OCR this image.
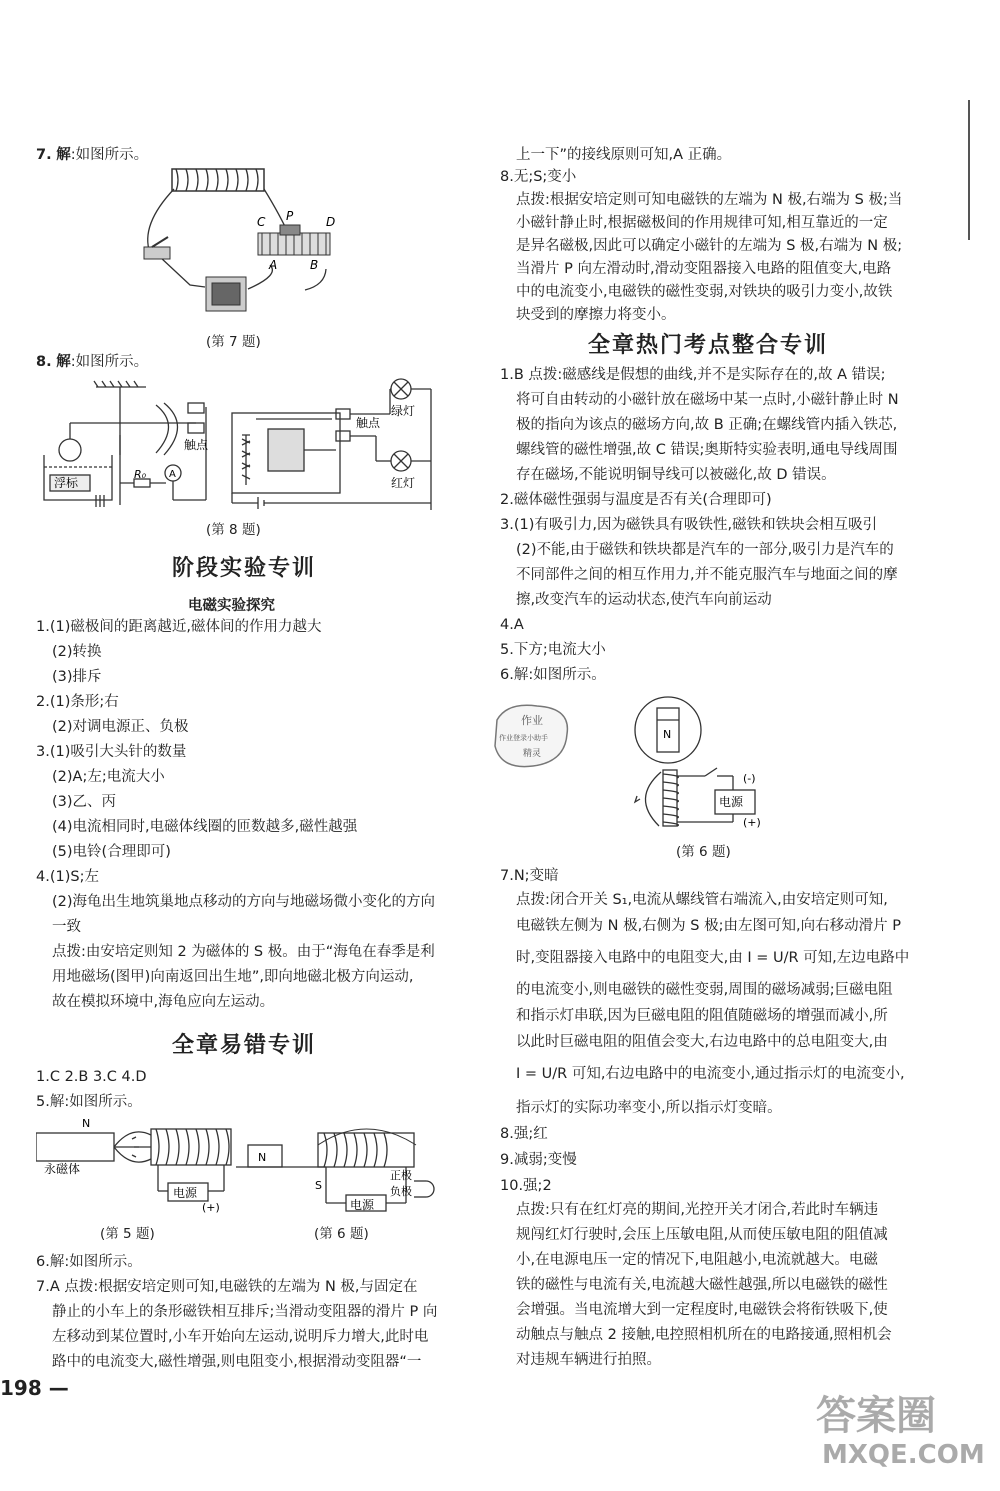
7. 解:如图所示。
C P	D
A	B
(第 7 题)
8. 解:如图所示。
浮标
R₀ A
触点
触点
绿灯
红灯
(第 8 题)
阶段实验专训
电磁实验探究
1.(1)磁极间的距离越近,磁体间的作用力越大
(2)转换
(3)排斥
2.(1)条形;右
(2)对调电源正、负极
3.(1)吸引大头针的数量
(2)A;左;电流大小
(3)乙、丙
(4)电流相同时,电磁体线圈的匝数越多,磁性越强
(5)电铃(合理即可)
4.(1)S;左
(2)海龟出生地筑巢地点移动的方向与地磁场微小变化的方向
一致
点拨:由安培定则知 2 为磁体的 S 极。由于“海龟在春季是利
用地磁场(图甲)向南返回出生地”,即向地磁北极方向运动,
故在模拟环境中,海龟应向左运动。
全章易错专训
1.C 2.B 3.C 4.D
5.解:如图所示。
N
永磁体
电源
(+)
N
S
电源
正极
负极
(第 5 题)	(第 6 题)
6.解:如图所示。
7.A 点拨:根据安培定则可知,电磁铁的左端为 N 极,与固定在
静止的小车上的条形磁铁相互排斥;当滑动变阻器的滑片 P 向
左移动到某位置时,小车开始向左运动,说明斥力增大,此时电
路中的电流变大,磁性增强,则电阻变小,根据滑动变阻器“一
198 —
上一下”的接线原则可知,A 正确。
8.无;S;变小
点拨:根据安培定则可知电磁铁的左端为 N 极,右端为 S 极;当
小磁针静止时,根据磁极间的作用规律可知,相互靠近的一定
是异名磁极,因此可以确定小磁针的左端为 S 极,右端为 N 极;
当滑片 P 向左滑动时,滑动变阻器接入电路的阻值变大,电路
中的电流变小,电磁铁的磁性变弱,对铁块的吸引力变小,故铁
块受到的摩擦力将变小。
全章热门考点整合专训
1.B 点拨:磁感线是假想的曲线,并不是实际存在的,故 A 错误;
将可自由转动的小磁针放在磁场中某一点时,小磁针静止时 N
极的指向为该点的磁场方向,故 B 正确;在螺线管内插入铁芯,
螺线管的磁性增强,故 C 错误;奥斯特实验表明,通电导线周围
存在磁场,不能说明铜导线可以被磁化,故 D 错误。
2.磁体磁性强弱与温度是否有关(合理即可)
3.(1)有吸引力,因为磁铁具有吸铁性,磁铁和铁块会相互吸引
(2)不能,由于磁铁和铁块都是汽车的一部分,吸引力是汽车的
不同部件之间的相互作用力,并不能克服汽车与地面之间的摩
擦,改变汽车的运动状态,使汽车向前运动
4.A
5.下方;电流大小
6.解:如图所示。
作业
作业登录小助手
精灵
N
电源
(-)
(+)
(第 6 题)
7.N;变暗
点拨:闭合开关 S₁,电流从螺线管右端流入,由安培定则可知,
电磁铁左侧为 N 极,右侧为 S 极;由左图可知,向右移动滑片 P
时,变阻器接入电路中的电阻变大,由 I = U/R 可知,左边电路中
的电流变小,则电磁铁的磁性变弱,周围的磁场减弱;巨磁电阻
和指示灯串联,因为巨磁电阻的阻值随磁场的增强而减小,所
以此时巨磁电阻的阻值会变大,右边电路中的总电阻变大,由
I = U/R 可知,右边电路中的电流变小,通过指示灯的电流变小,
指示灯的实际功率变小,所以指示灯变暗。
8.强;红
9.减弱;变慢
10.强;2
点拨:只有在红灯亮的期间,光控开关才闭合,若此时车辆违
规闯红灯行驶时,会压上压敏电阻,从而使压敏电阻的阻值减
小,在电源电压一定的情况下,电阻越小,电流就越大。电磁
铁的磁性与电流有关,电流越大磁性越强,所以电磁铁的磁性
会增强。当电流增大到一定程度时,电磁铁会将衔铁吸下,使
动触点与触点 2 接触,电控照相机所在的电路接通,照相机会
对违规车辆进行拍照。
答案圈
MXQE.COM
